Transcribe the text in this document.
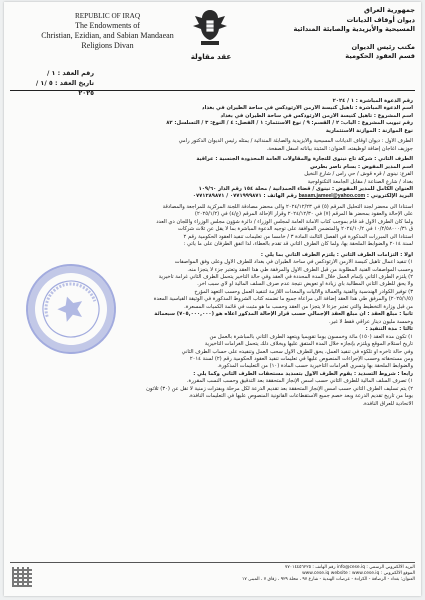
جمهورية العراق
ديوان أوقاف الديانات
المسيحية والأيزيدية والصابئة المندائية
مكتب رئيس الديوان
قسم العقود الحكومية
عقد مقاولة
REPUBLIC OF IRAQ
The Endowments of
Christian, Ezidian, and Sabian Mandaean
Religions Divan
رقم العقد : ١ /
تاريخ العقد : ٥ /١ / ٢٠٢٥

رقم الدعوة المباشرة : ١ / ٢٠٢٤

اسم الدعوة المباشرة : تأهيل كنيسة الأرمن الأرثوذكس في ساحة الطيران في بغداد

اسم المشروع : تأهيل كنيسة الأرمن الأرثوذكس في ساحة الطيران في بغداد

رقم تبويب المشروع : الباب: ٢ / القسم: ٩ / نوع الاستثمار: ١ / الفصل: ٤ / النوع: ٣ / التسلسل: ٨٢

نوع الموازنة : الموازنة الاستثمارية

الطرف الأول : ديوان أوقاف الديانات المسيحية والأيزيدية والصابئة المندائية / يمثله رئيس الديوان الدكتور رامي

جوزيف آغاجان إضافة لوظيفته، العنوان: المثبتة بياناته أسفل الصفحة.

الطرف الثاني : شركة تاج نينوى للتجارة والمقاولات العامة المحدودة الجنسية : عراقية

اسم المدير المفوض : بسام ناصر بطرس

الفرع: نينوى / قره قوش / حي راس / شارع النخيل

بغداد / شارع الصناعة / مقابل الجامعة التكنولوجية

العنوان الكامل للمدير المفوض : نينوى / قضاء الحمدانية / محلة ١٥٤ رقم الدار ١٠٩/٦٠

البريد الإلكتروني : basam.jameel@yahoo.com رقم الهاتف : ٠٧٧١٩٩٩٨٧١ / ٠٧٧١٢٨٩٨٧١

استناداً الى محضر لجنة التحليل المرقم (٥) في ٢٠٢٤/١٢/٢٣ والى محضر مصادقة اللجنة المركزية للمراجعة والمصادقة

على الإحالة والعقود بمحضر ها المرقم (٧) في ٢٠٢٤/١٢/٣٠ وقرار الإحالة المرقم (ع/٤) في (٢٠٢٥/١/٢)

ولما كان الطرف الأول قد قام بموجب كتاب الأمانة العامة لمجلس الوزراء / دائرة شؤون مجلس الوزراء واللجان ذي العدد

ق ١٠/٢/٥٨٠٠٠/٣١ في ٢٠٢٤/١٠/٢ والمتضمن الموافقة على توجيه الدعوة المباشرة بما لا يقل عن ثلاث شركات

استناداً الى المبررات المذكورة في الفصل الثالث المادة ٣ / خامساً من تعليمات تنفيذ العقود الحكومية رقم ٢

لسنة ٢٠١٤ والضوابط الملحقة بها، ولما كان الطرف الثاني قد تقدم بالعطاء، لذا اتفق الطرفان على ما يأتي :

أولاً : التزامات الطرف الثاني : يلتزم الطرف الثاني بما يلي :

١) تنفيذ أعمال تأهيل كنيسة الأرمن الأرثوذكس في ساحة الطيران في بغداد للطرف الأول وعلى وفق المواصفات

وحسب المواصفات الفنية المطلوبة من قبل الطرف الأول والمرفقة طي هذا العقد وتعتبر جزء لا يتجزأ منه.

٢) يلتزم الطرف الثاني بإتمام العمل خلال المدة المحددة في العقد وفي حالة التأخير يتحمل الطرف الثاني غرامة تأخيرية

ولا يحق للطرف الثاني المطالبة بأي زيادة أو تعويض نتيجة عدم صرف السلف المالية أو لأي سبب آخر.

٣) توفير الكوادر الهندسية والفنية والعمالة والآليات والمعدات اللازمة لتنفيذ العمل وحسب التعهد المؤرخ

(٢٠٢٥/١/٥) والمرفق طي هذا العقد إضافة الى مراعاة جميع ما تضمنه كتاب الشروط المذكورة في الوثيقة القياسية المعدة

من قبل وزارة التخطيط والتي تعتبر جزءاً لا يتجزأ من العقد وحسب ما هو مثبت في قائمة الكميات المسعرة.

ثانياً : مبلغ العقد : ان مبلغ العقد الإجمالي حسب قرار الإحالة المذكور اعلاه هو (٧٠٥,٠٠٠,٠٠٠) سبعمائة

وخمسة مليون دينار عراقي فقط لا غير.

ثالثاً : مدة التنفيذ :

١) تكون مدة العقد (١٥٠) مائة وخمسون يوماً تقويمياً ويتعهد الطرف الثاني بالمباشرة بالعمل من

تاريخ استلام الموقع ويلتزم بإنجازه خلال المدة المتفق عليها وبخلاف ذلك يتحمل الغرامات التأخيرية

وفي حالة تأخره او تلكؤه في تنفيذ العمل، يحق للطرف الأول سحب العمل وتنفيذه على حساب الطرف الثاني

ومن مستحقاته وحسب الإجراءات المنصوص عليها في تعليمات تنفيذ العقود الحكومية رقم (٢) لسنة ٢٠١٤

والضوابط الملحقة بها وتسري الغرامات التأخيرية حسب المادة (١٠) من التعليمات المذكورة.

رابعاً : شروط التسديد : يقوم الطرف الأول بتسديد مستحقات الطرف الثاني وكما يلي :

١) تصرف السلف المالية للطرف الثاني حسب أسس الإنجاز المتحققة بعد التدقيق وحسب النسب المقررة.

٢) يتم تسليف الطرف الثاني حسب أسس الإنجاز المتحققة بعد تقديم الذرعة لكل مرحلة وبفترات زمنية لا تقل عن (٣٠) ثلاثون

يوماً من تاريخ تقديم الذرعة وبعد خصم جميع الاستقطاعات القانونية المنصوص عليها في التعليمات النافذة.

الاتحادية للعراق النافذة.

البريد الالكتروني الرسمي : info@cese.iq رقم الهاتف : ٧٧٠١٤٤٥٦٢٢٥

الموقع الالكتروني : www.cese.iq website : www.cese.iq

العنوان: بغداد - الرصافة - الكرادة - عرصات الهندية - شارع ٩٧ ، محلة ٩٢٩ ، زقاق ٧ ، المبنى ١٧
